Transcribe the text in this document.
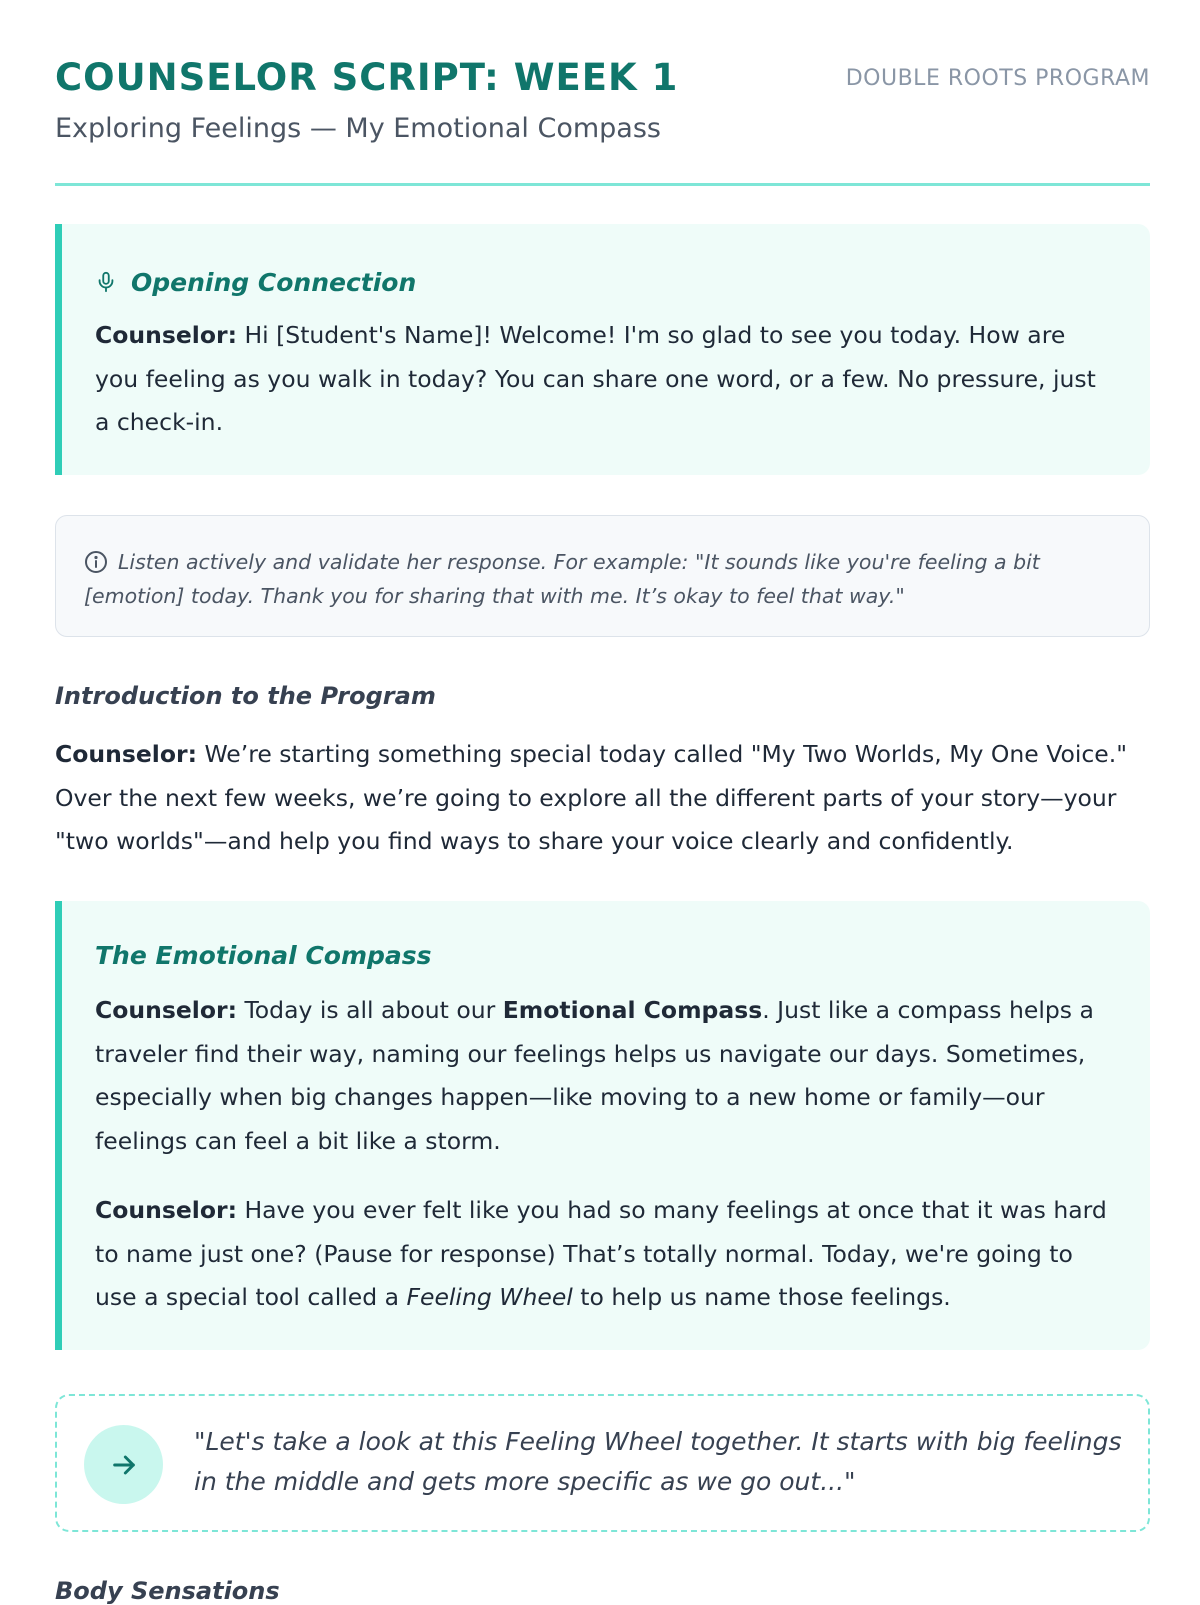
COUNSELOR SCRIPT: WEEK 1
Exploring Feelings — My Emotional Compass
DOUBLE ROOTS PROGRAM
Opening Connection

Counselor: Hi [Student's Name]! Welcome! I'm so glad to see you today. How are you feeling as you walk in today? You can share one word, or a few. No pressure, just a check-in.

Listen actively and validate her response. For example: "It sounds like you're feeling a bit [emotion] today. Thank you for sharing that with me. It’s okay to feel that way."

Introduction to the Program

Counselor: We’re starting something special today called "My Two Worlds, My One Voice." Over the next few weeks, we’re going to explore all the different parts of your story—your "two worlds"—and help you find ways to share your voice clearly and confidently.

The Emotional Compass

Counselor: Today is all about our Emotional Compass. Just like a compass helps a traveler find their way, naming our feelings helps us navigate our days. Sometimes, especially when big changes happen—like moving to a new home or family—our feelings can feel a bit like a storm.

Counselor: Have you ever felt like you had so many feelings at once that it was hard to name just one? (Pause for response) That’s totally normal. Today, we're going to use a special tool called a Feeling Wheel to help us name those feelings.

"Let's take a look at this Feeling Wheel together. It starts with big feelings in the middle and gets more specific as we go out..."

Body Sensations
